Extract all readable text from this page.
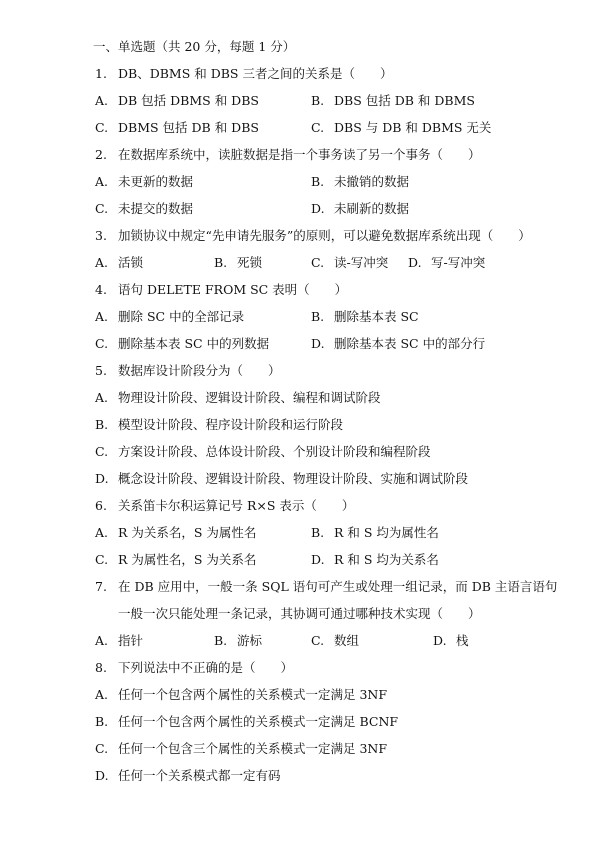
一、单选题（共 20 分，每题 1 分）
1. DB、DBMS 和 DBS 三者之间的关系是（　　）
A. DB 包括 DBMS 和 DBS	B. DBS 包括 DB 和 DBMS
C. DBMS 包括 DB 和 DBS	C. DBS 与 DB 和 DBMS 无关
2. 在数据库系统中，读脏数据是指一个事务读了另一个事务（　　）
A. 未更新的数据	B. 未撤销的数据
C. 未提交的数据	D. 未刷新的数据
3. 加锁协议中规定“先申请先服务”的原则，可以避免数据库系统出现（　　）
A. 活锁	B. 死锁	C. 读-写冲突 D. 写-写冲突
4. 语句 DELETE FROM SC 表明（　　）
A. 删除 SC 中的全部记录	B. 删除基本表 SC
C. 删除基本表 SC 中的列数据	D. 删除基本表 SC 中的部分行
5. 数据库设计阶段分为（　　）
A. 物理设计阶段、逻辑设计阶段、编程和调试阶段
B. 模型设计阶段、程序设计阶段和运行阶段
C. 方案设计阶段、总体设计阶段、个别设计阶段和编程阶段
D. 概念设计阶段、逻辑设计阶段、物理设计阶段、实施和调试阶段
6. 关系笛卡尔积运算记号 R×S 表示（　　）
A. R 为关系名，S 为属性名	B. R 和 S 均为属性名
C. R 为属性名，S 为关系名	D. R 和 S 均为关系名
7. 在 DB 应用中，一般一条 SQL 语句可产生或处理一组记录，而 DB 主语言语句
一般一次只能处理一条记录，其协调可通过哪种技术实现（　　）
A. 指针	B. 游标	C. 数组	D. 栈
8. 下列说法中不正确的是（　　）
A. 任何一个包含两个属性的关系模式一定满足 3NF
B. 任何一个包含两个属性的关系模式一定满足 BCNF
C. 任何一个包含三个属性的关系模式一定满足 3NF
D. 任何一个关系模式都一定有码
